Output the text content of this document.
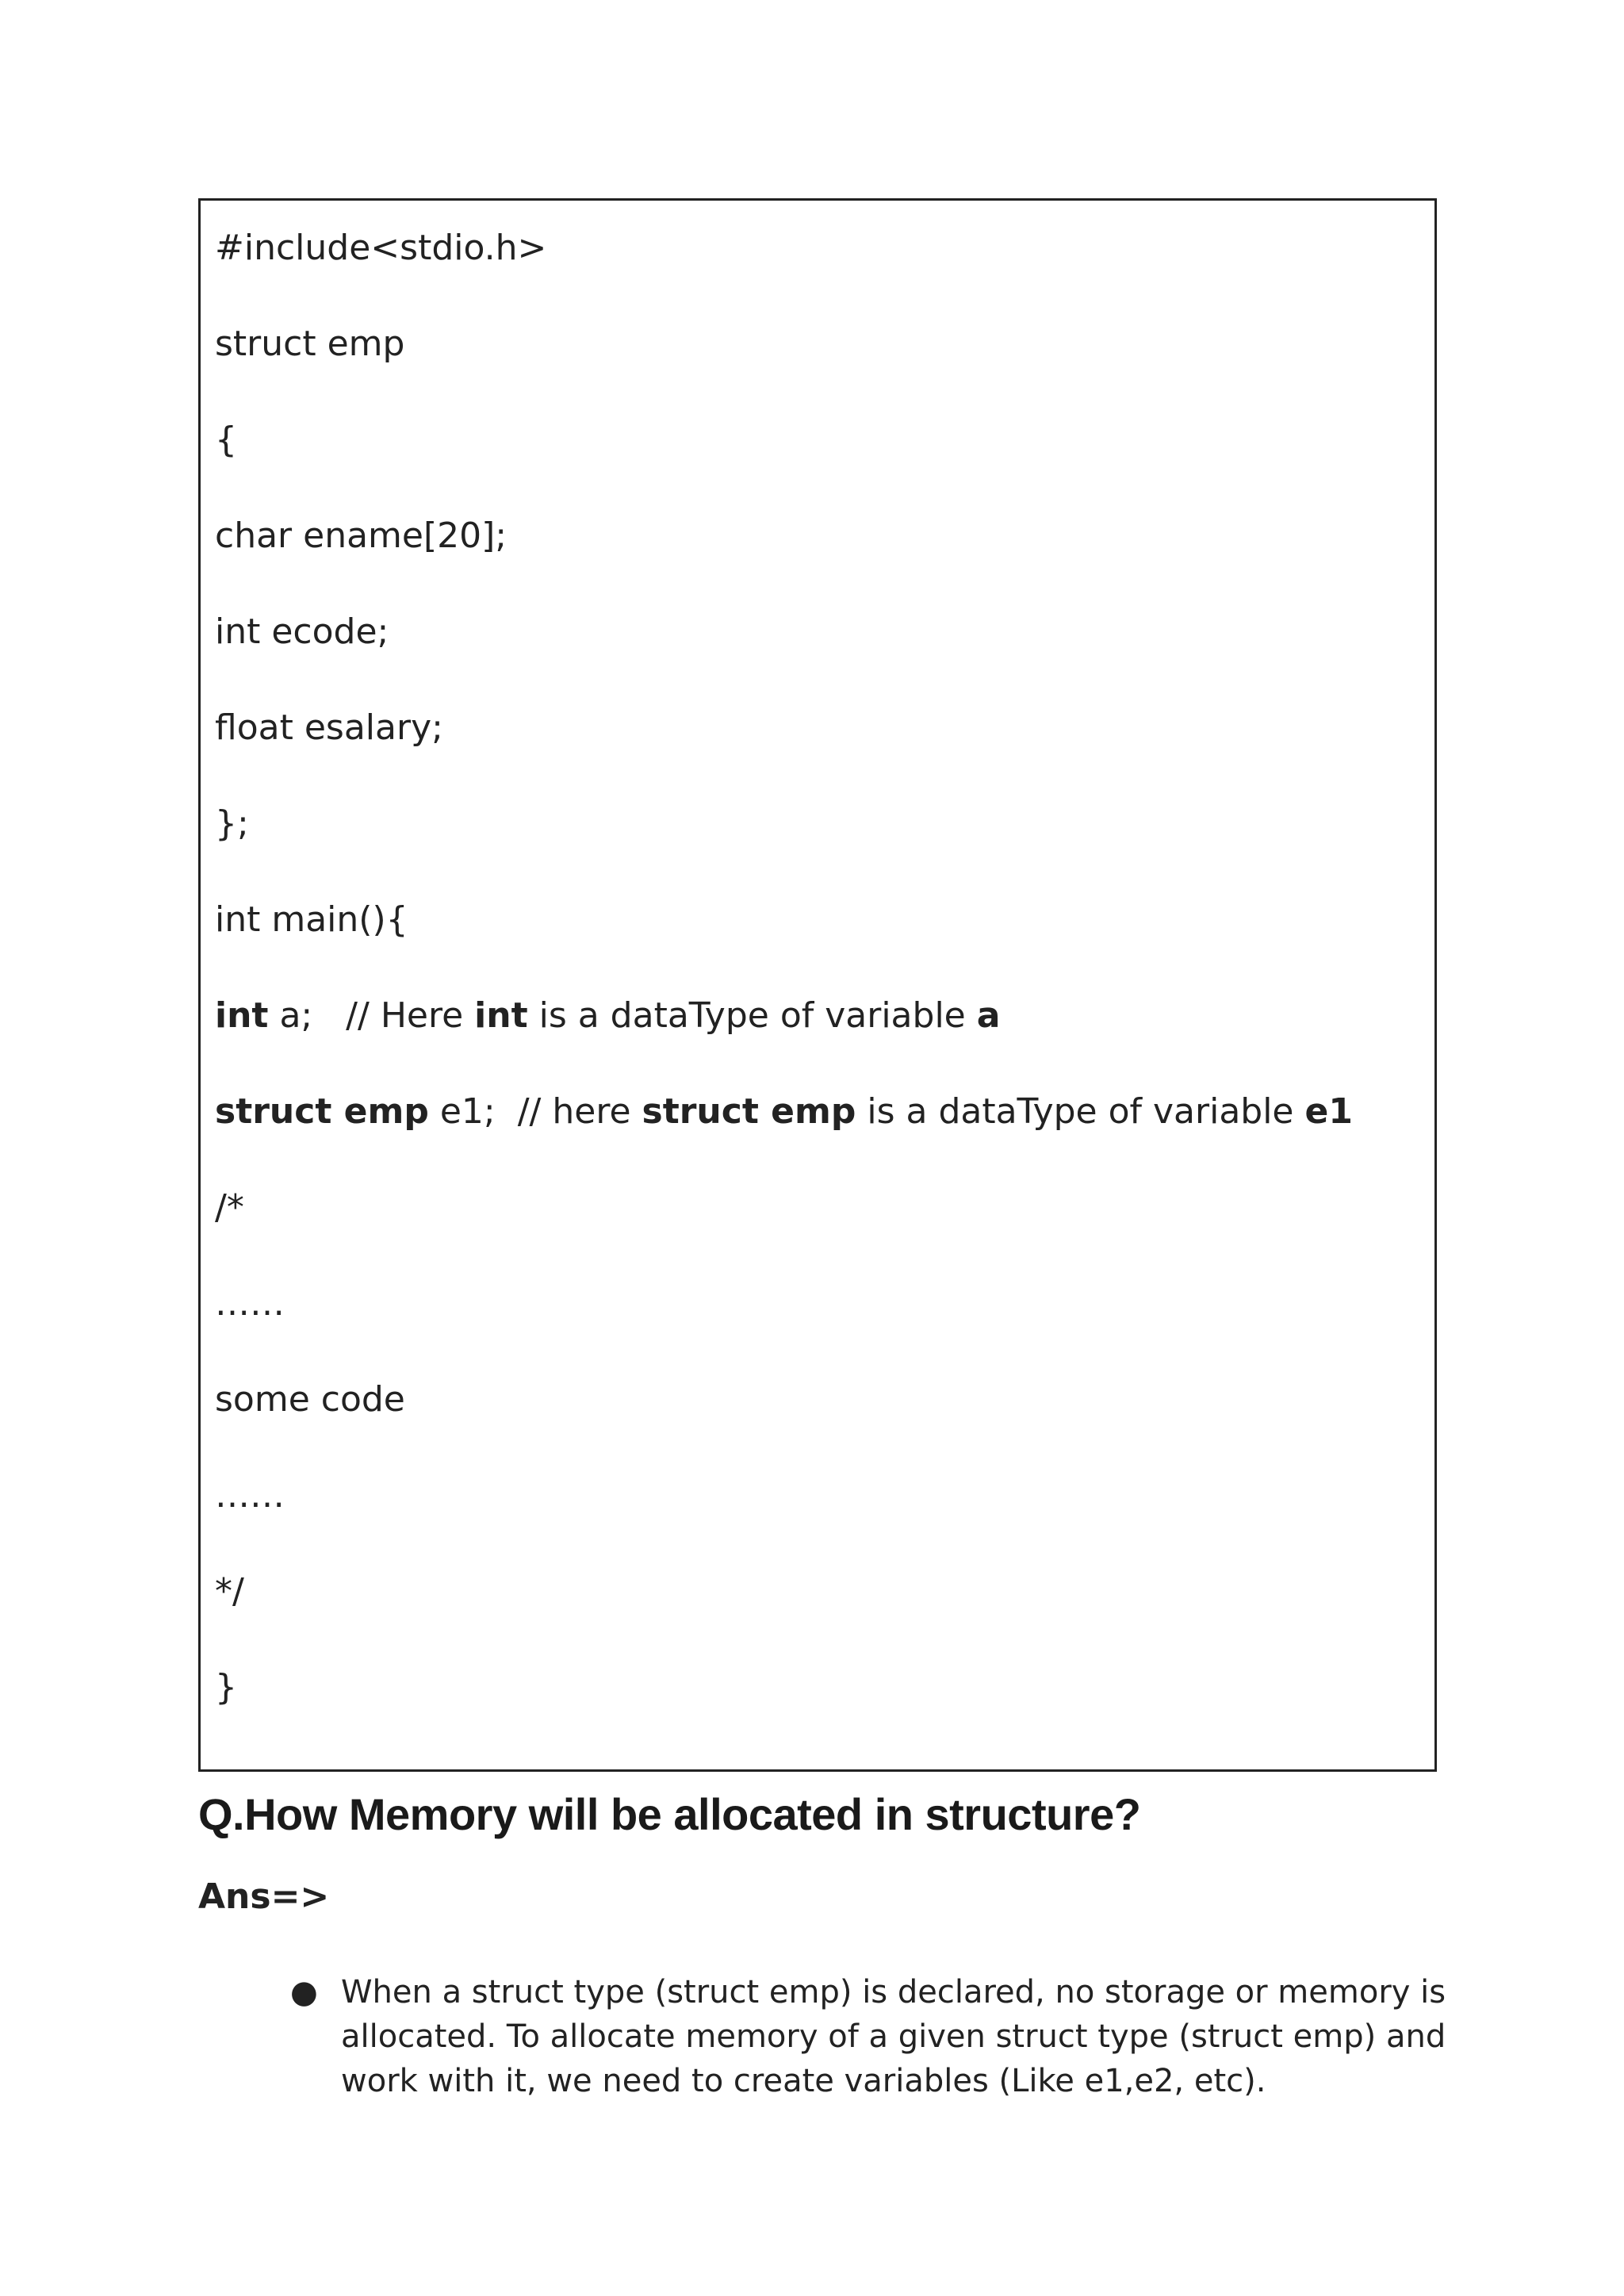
#include<stdio.h>
struct emp
{
char ename[20];
int ecode;
float esalary;
};
int main(){
int a;   // Here int is a dataType of variable a
struct emp e1;  // here struct emp is a dataType of variable e1
/*
……
some code
……
*/
}
Q.How Memory will be allocated in structure?
Ans=>
● When a struct type (struct emp) is declared, no storage or memory is allocated. To allocate memory of a given struct type (struct emp) and work with it, we need to create variables (Like e1,e2, etc).
